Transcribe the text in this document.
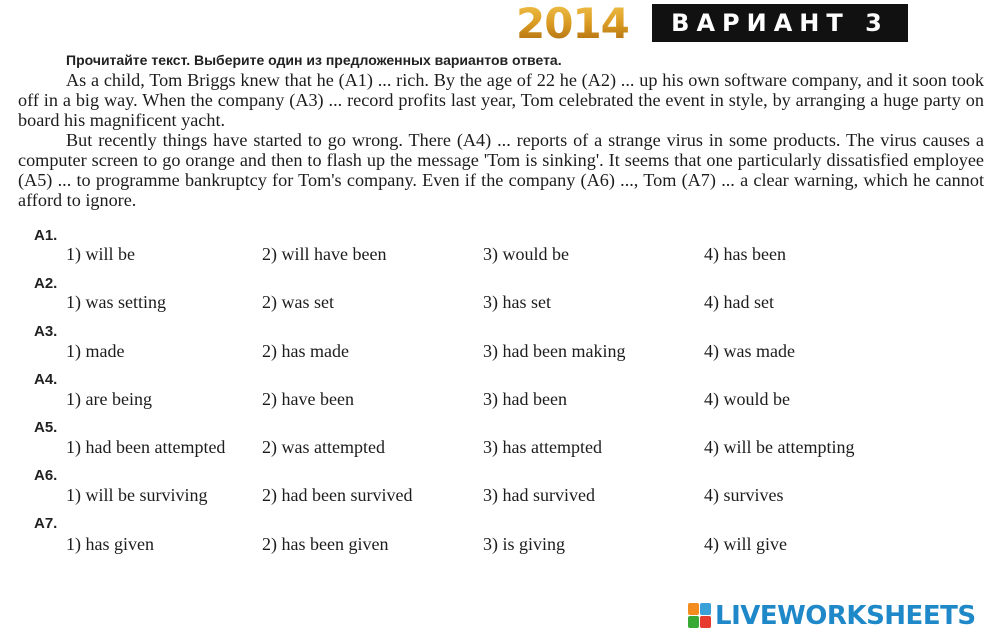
2014	ВАРИАНТ 3
Прочитайте текст. Выберите один из предложенных вариантов ответа.

As a child, Tom Briggs knew that he (A1) ... rich. By the age of 22 he (A2) ... up his own software company, and it soon took off in a big way. When the company (A3) ... record profits last year, Tom celebrated the event in style, by arranging a huge party on board his magnificent yacht.

But recently things have started to go wrong. There (A4) ... reports of a strange virus in some products. The virus causes a computer screen to go orange and then to flash up the message 'Tom is sinking'. It seems that one particularly dissatisfied employee (A5) ... to programme bankruptcy for Tom's company. Even if the company (A6) ..., Tom (A7) ... a clear warning, which he cannot afford to ignore.

A1.
1) will be	2) will have been	3) would be	4) has been
A2.
1) was setting	2) was set	3) has set	4) had set
A3.
1) made	2) has made	3) had been making	4) was made
A4.
1) are being	2) have been	3) had been	4) would be
A5.
1) had been attempted 2) was attempted	3) has attempted	4) will be attempting
A6.
1) will be surviving	2) had been survived	3) had survived	4) survives
A7.
1) has given	2) has been given	3) is giving	4) will give
LIVEWORKSHEETS
